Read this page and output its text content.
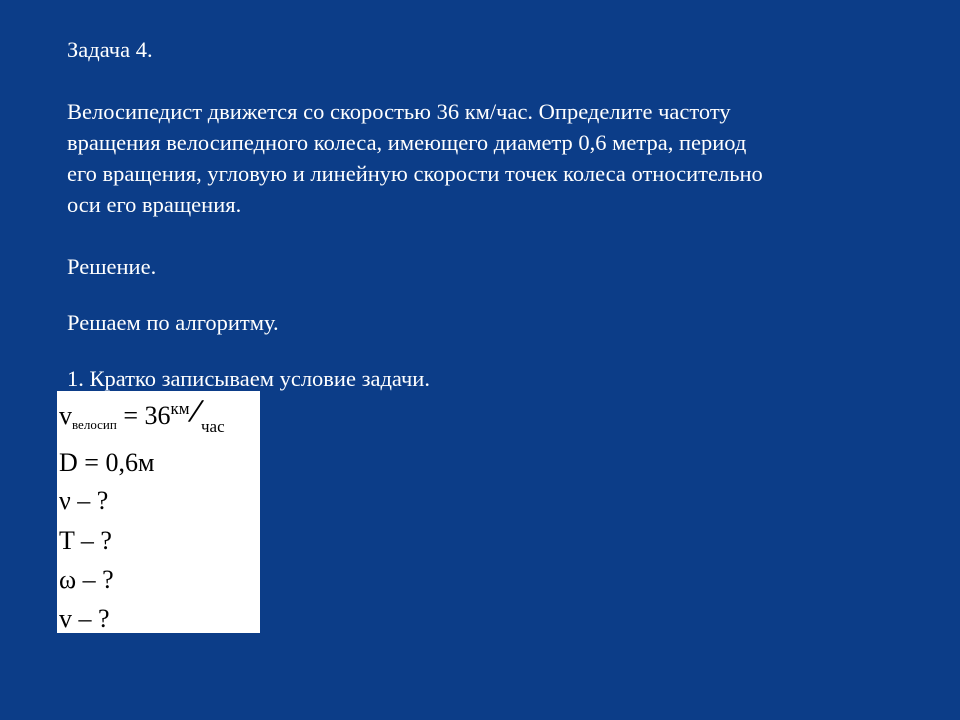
Задача 4.

Велосипедист движется со скоростью 36 км/час. Определите частоту

вращения велосипедного колеса, имеющего диаметр 0,6 метра, период

его вращения, угловую и линейную скорости точек колеса относительно

оси его вращения.

Решение.

Решаем по алгоритму.

1. Кратко записываем условие задачи.

vвелосип = $36^{км}/_{час}$
D = 0,6м
ν – ?
T – ?
ω – ?
v – ?
